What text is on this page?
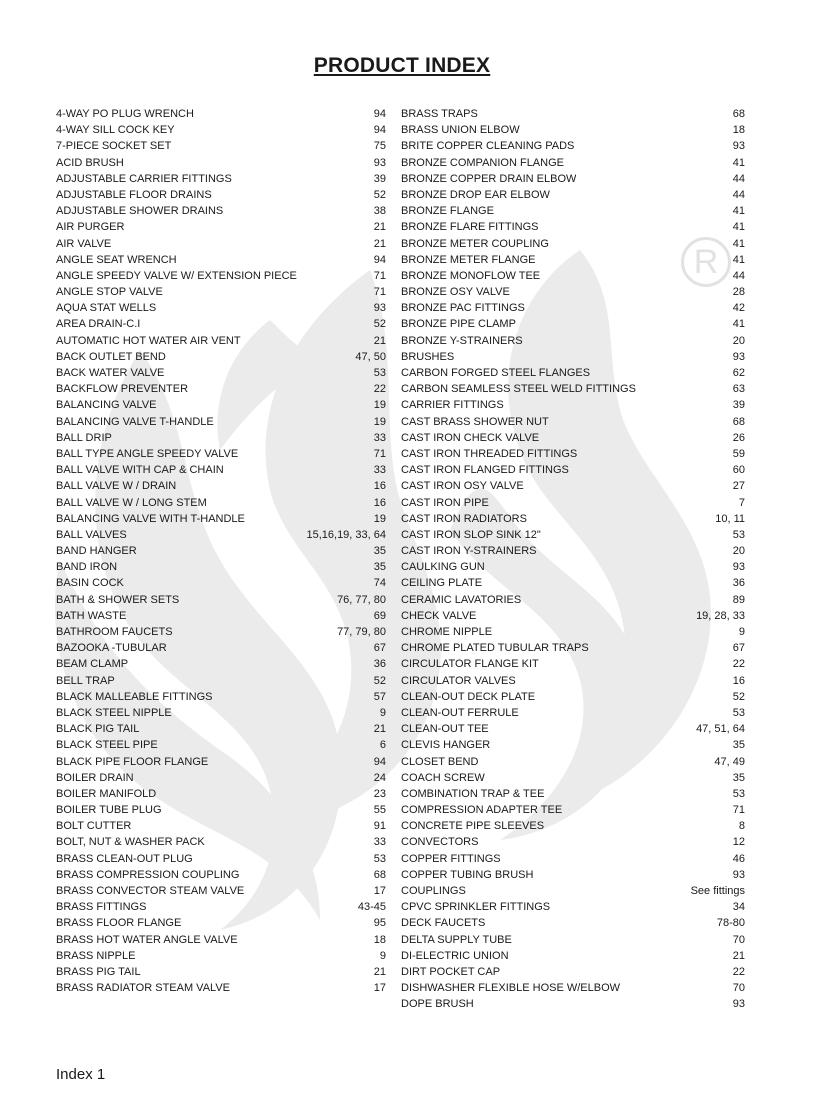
R
PRODUCT INDEX
4-WAY PO PLUG WRENCH	94
4-WAY SILL COCK KEY	94
7-PIECE SOCKET SET	75
ACID BRUSH	93
ADJUSTABLE CARRIER FITTINGS	39
ADJUSTABLE FLOOR DRAINS	52
ADJUSTABLE SHOWER DRAINS	38
AIR PURGER	21
AIR VALVE	21
ANGLE SEAT WRENCH	94
ANGLE SPEEDY VALVE W/ EXTENSION PIECE	71
ANGLE STOP VALVE	71
AQUA STAT WELLS	93
AREA DRAIN-C.I	52
AUTOMATIC HOT WATER AIR VENT	21
BACK OUTLET BEND	47, 50
BACK WATER VALVE	53
BACKFLOW PREVENTER	22
BALANCING VALVE	19
BALANCING VALVE T-HANDLE	19
BALL DRIP	33
BALL TYPE ANGLE SPEEDY VALVE	71
BALL VALVE WITH CAP & CHAIN	33
BALL VALVE W / DRAIN	16
BALL VALVE W / LONG STEM	16
BALANCING VALVE WITH T-HANDLE	19
BALL VALVES	15,16,19, 33, 64
BAND HANGER	35
BAND IRON	35
BASIN COCK	74
BATH & SHOWER SETS	76, 77, 80
BATH WASTE	69
BATHROOM FAUCETS	77, 79, 80
BAZOOKA -TUBULAR	67
BEAM CLAMP	36
BELL TRAP	52
BLACK MALLEABLE FITTINGS	57
BLACK STEEL NIPPLE	9
BLACK PIG TAIL	21
BLACK STEEL PIPE	6
BLACK PIPE FLOOR FLANGE	94
BOILER DRAIN	24
BOILER MANIFOLD	23
BOILER TUBE PLUG	55
BOLT CUTTER	91
BOLT, NUT & WASHER PACK	33
BRASS CLEAN-OUT PLUG	53
BRASS COMPRESSION COUPLING	68
BRASS CONVECTOR STEAM VALVE	17
BRASS FITTINGS	43-45
BRASS FLOOR FLANGE	95
BRASS HOT WATER ANGLE VALVE	18
BRASS NIPPLE	9
BRASS PIG TAIL	21
BRASS RADIATOR STEAM VALVE	17
BRASS TRAPS	68
BRASS UNION ELBOW	18
BRITE COPPER CLEANING PADS	93
BRONZE COMPANION FLANGE	41
BRONZE COPPER DRAIN ELBOW	44
BRONZE DROP EAR ELBOW	44
BRONZE FLANGE	41
BRONZE FLARE FITTINGS	41
BRONZE METER COUPLING	41
BRONZE METER FLANGE	41
BRONZE MONOFLOW TEE	44
BRONZE OSY VALVE	28
BRONZE PAC FITTINGS	42
BRONZE PIPE CLAMP	41
BRONZE Y-STRAINERS	20
BRUSHES	93
CARBON FORGED STEEL FLANGES	62
CARBON SEAMLESS STEEL WELD FITTINGS	63
CARRIER FITTINGS	39
CAST BRASS SHOWER NUT	68
CAST IRON CHECK VALVE	26
CAST IRON THREADED FITTINGS	59
CAST IRON FLANGED FITTINGS	60
CAST IRON OSY VALVE	27
CAST IRON PIPE	7
CAST IRON RADIATORS	10, 11
CAST IRON SLOP SINK 12"	53
CAST IRON Y-STRAINERS	20
CAULKING GUN	93
CEILING PLATE	36
CERAMIC LAVATORIES	89
CHECK VALVE	19, 28, 33
CHROME NIPPLE	9
CHROME PLATED TUBULAR TRAPS	67
CIRCULATOR FLANGE KIT	22
CIRCULATOR VALVES	16
CLEAN-OUT DECK PLATE	52
CLEAN-OUT FERRULE	53
CLEAN-OUT TEE	47, 51, 64
CLEVIS HANGER	35
CLOSET BEND	47, 49
COACH SCREW	35
COMBINATION TRAP & TEE	53
COMPRESSION ADAPTER TEE	71
CONCRETE PIPE SLEEVES	8
CONVECTORS	12
COPPER FITTINGS	46
COPPER TUBING BRUSH	93
COUPLINGS	See fittings
CPVC SPRINKLER FITTINGS	34
DECK FAUCETS	78-80
DELTA SUPPLY TUBE	70
DI-ELECTRIC UNION	21
DIRT POCKET CAP	22
DISHWASHER FLEXIBLE HOSE W/ELBOW	70
DOPE BRUSH	93
Index 1
